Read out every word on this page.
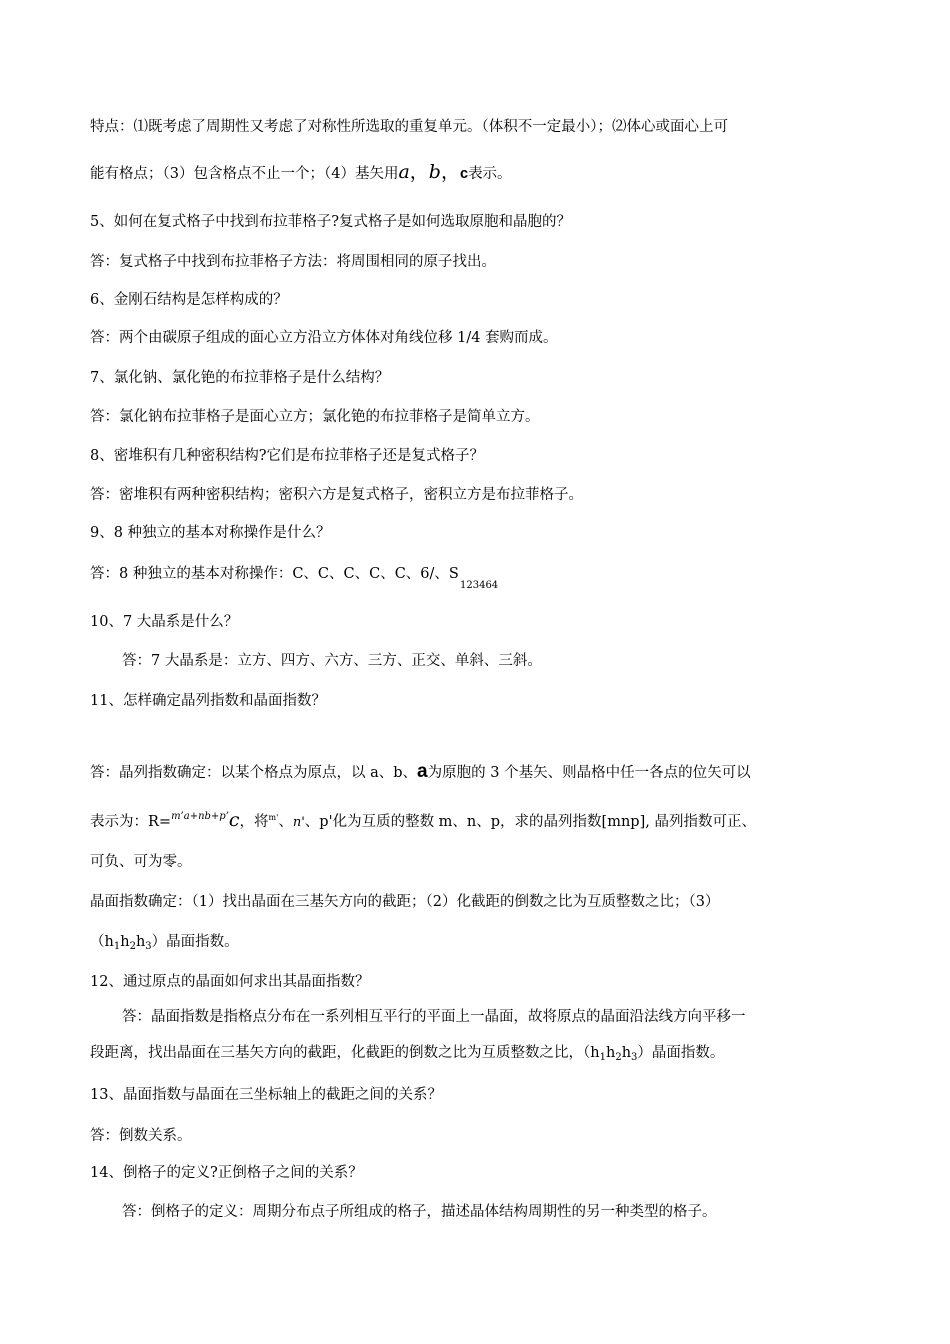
特点：⑴既考虑了周期性又考虑了对称性所选取的重复单元。（体积不一定最小）；⑵体心或面心上可
能有格点；（3）包含格点不止一个；（4）基矢用a，b，c表示。
5、如何在复式格子中找到布拉菲格子?复式格子是如何选取原胞和晶胞的？
答：复式格子中找到布拉菲格子方法：将周围相同的原子找出。
6、金刚石结构是怎样构成的？
答：两个由碳原子组成的面心立方沿立方体体对角线位移 1/4 套购而成。
7、氯化钠、氯化铯的布拉菲格子是什么结构？
答：氯化钠布拉菲格子是面心立方；氯化铯的布拉菲格子是简单立方。
8、密堆积有几种密积结构?它们是布拉菲格子还是复式格子？
答：密堆积有两种密积结构；密积六方是复式格子，密积立方是布拉菲格子。
9、8 种独立的基本对称操作是什么？
答：8 种独立的基本对称操作：C、C、C、C、C、6/、S
123464
10、7 大晶系是什么？
答：7 大晶系是：立方、四方、六方、三方、正交、单斜、三斜。
11、怎样确定晶列指数和晶面指数？
答：晶列指数确定：以某个格点为原点，以 a、b、a为原胞的 3 个基矢、则晶格中任一各点的位矢可以
表示为：R=$^{m’a+nb+p’}$c，将$^{m'}$、n'、p'化为互质的整数 m、n、p，求的晶列指数[mnp], 晶列指数可正、
可负、可为零。
晶面指数确定：（1）找出晶面在三基矢方向的截距；（2）化截距的倒数之比为互质整数之比；（3）
$(h_1h_2h_3)$晶面指数。
12、通过原点的晶面如何求出其晶面指数？
答：晶面指数是指格点分布在一系列相互平行的平面上一晶面，故将原点的晶面沿法线方向平移一
段距离，找出晶面在三基矢方向的截距，化截距的倒数之比为互质整数之比，$(h_1h_2h_3)$晶面指数。
13、晶面指数与晶面在三坐标轴上的截距之间的关系？
答：倒数关系。
14、倒格子的定义?正倒格子之间的关系？
答：倒格子的定义：周期分布点子所组成的格子，描述晶体结构周期性的另一种类型的格子。
